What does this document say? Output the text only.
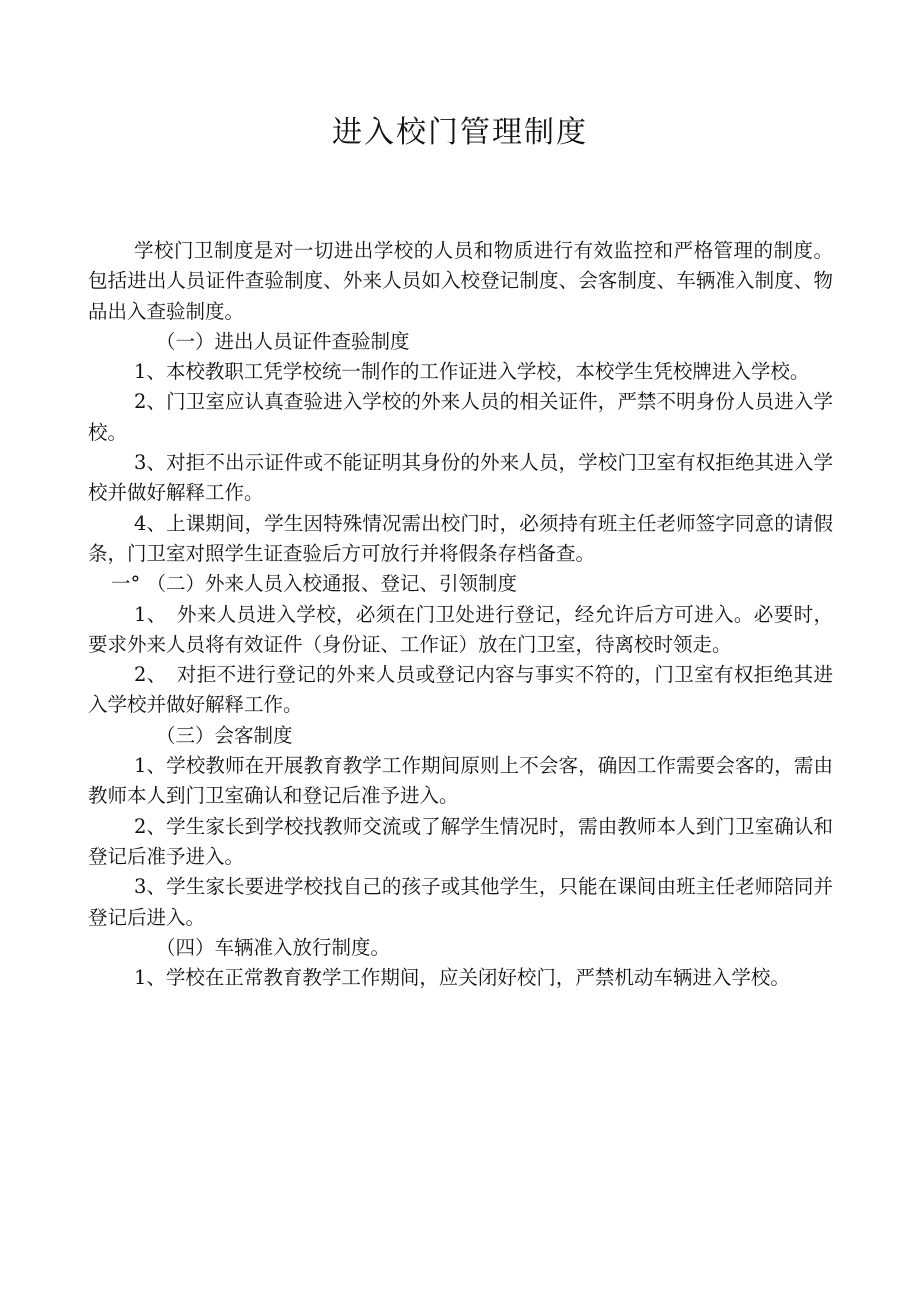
进入校门管理制度

学校门卫制度是对一切进出学校的人员和物质进行有效监控和严格管理的制度。包括进出人员证件查验制度、外来人员如入校登记制度、会客制度、车辆准入制度、物品出入查验制度。

（一）进出人员证件查验制度

1、本校教职工凭学校统一制作的工作证进入学校，本校学生凭校牌进入学校。

2、门卫室应认真查验进入学校的外来人员的相关证件，严禁不明身份人员进入学校。

3、对拒不出示证件或不能证明其身份的外来人员，学校门卫室有权拒绝其进入学校并做好解释工作。

4、上课期间，学生因特殊情况需出校门时，必须持有班主任老师签字同意的请假条，门卫室对照学生证查验后方可放行并将假条存档备查。

一° （二）外来人员入校通报、登记、引领制度

1、　外来人员进入学校，必须在门卫处进行登记，经允许后方可进入。必要时，要求外来人员将有效证件（身份证、工作证）放在门卫室，待离校时领走。

2、　对拒不进行登记的外来人员或登记内容与事实不符的，门卫室有权拒绝其进入学校并做好解释工作。

（三）会客制度

1、学校教师在开展教育教学工作期间原则上不会客，确因工作需要会客的，需由教师本人到门卫室确认和登记后准予进入。

2、学生家长到学校找教师交流或了解学生情况时，需由教师本人到门卫室确认和登记后准予进入。

3、学生家长要进学校找自己的孩子或其他学生，只能在课间由班主任老师陪同并登记后进入。

（四）车辆准入放行制度。

1、学校在正常教育教学工作期间，应关闭好校门，严禁机动车辆进入学校。
